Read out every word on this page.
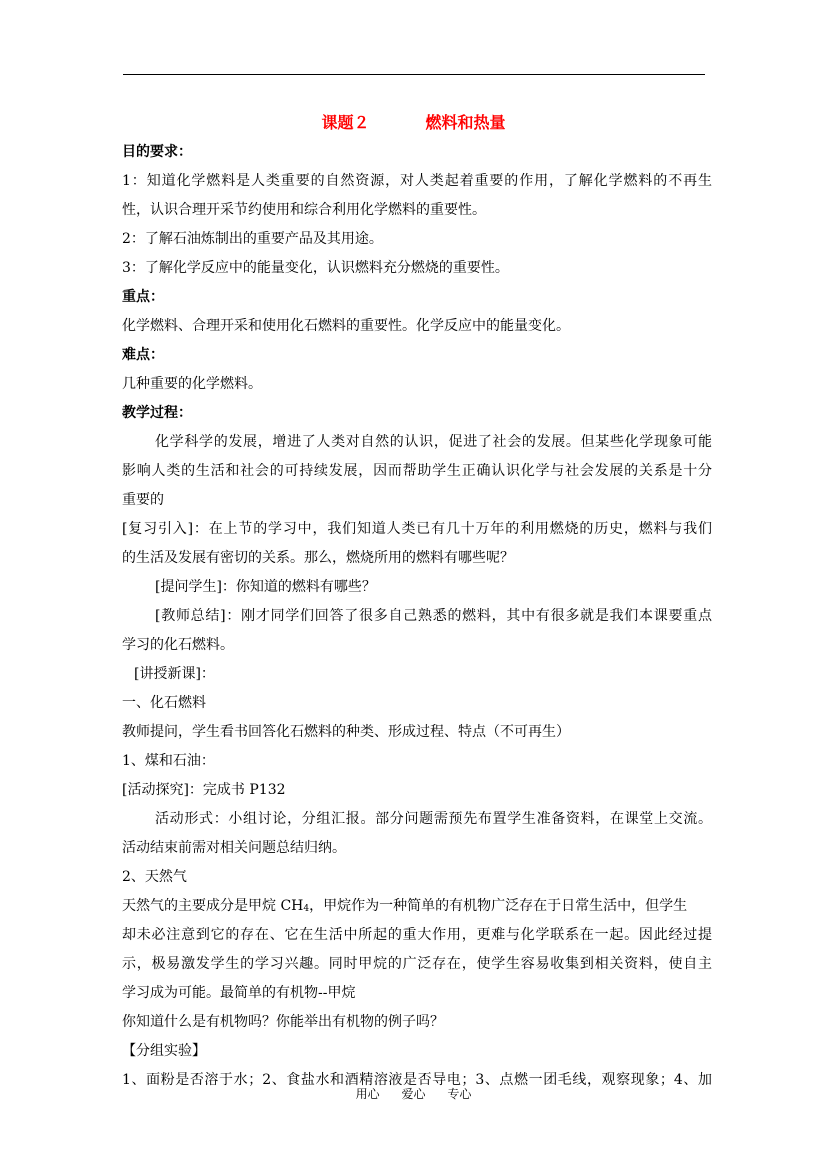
课题２	燃料和热量
目的要求：
1：知道化学燃料是人类重要的自然资源，对人类起着重要的作用，了解化学燃料的不再生
性，认识合理开采节约使用和综合利用化学燃料的重要性。
2：了解石油炼制出的重要产品及其用途。
3：了解化学反应中的能量变化，认识燃料充分燃烧的重要性。
重点：
化学燃料、合理开采和使用化石燃料的重要性。化学反应中的能量变化。
难点：
几种重要的化学燃料。
教学过程：
化学科学的发展，增进了人类对自然的认识，促进了社会的发展。但某些化学现象可能
影响人类的生活和社会的可持续发展，因而帮助学生正确认识化学与社会发展的关系是十分
重要的
[复习引入]：在上节的学习中，我们知道人类已有几十万年的利用燃烧的历史，燃料与我们
的生活及发展有密切的关系。那么，燃烧所用的燃料有哪些呢？
[提问学生]：你知道的燃料有哪些？
[教师总结]：刚才同学们回答了很多自己熟悉的燃料，其中有很多就是我们本课要重点
学习的化石燃料。
[讲授新课]：
一、化石燃料
教师提问，学生看书回答化石燃料的种类、形成过程、特点（不可再生）
1、煤和石油：
[活动探究]：完成书 P132
活动形式：小组讨论，分组汇报。部分问题需预先布置学生准备资料，在课堂上交流。
活动结束前需对相关问题总结归纳。
2、天然气
天然气的主要成分是甲烷 CH4，甲烷作为一种简单的有机物广泛存在于日常生活中，但学生
却未必注意到它的存在、它在生活中所起的重大作用，更难与化学联系在一起。因此经过提
示，极易激发学生的学习兴趣。同时甲烷的广泛存在，使学生容易收集到相关资料，使自主
学习成为可能。最简单的有机物--甲烷
你知道什么是有机物吗？你能举出有机物的例子吗？
【分组实验】
1、面粉是否溶于水；2、食盐水和酒精溶液是否导电；3、点燃一团毛线，观察现象；4、加
用心 爱心 专心
